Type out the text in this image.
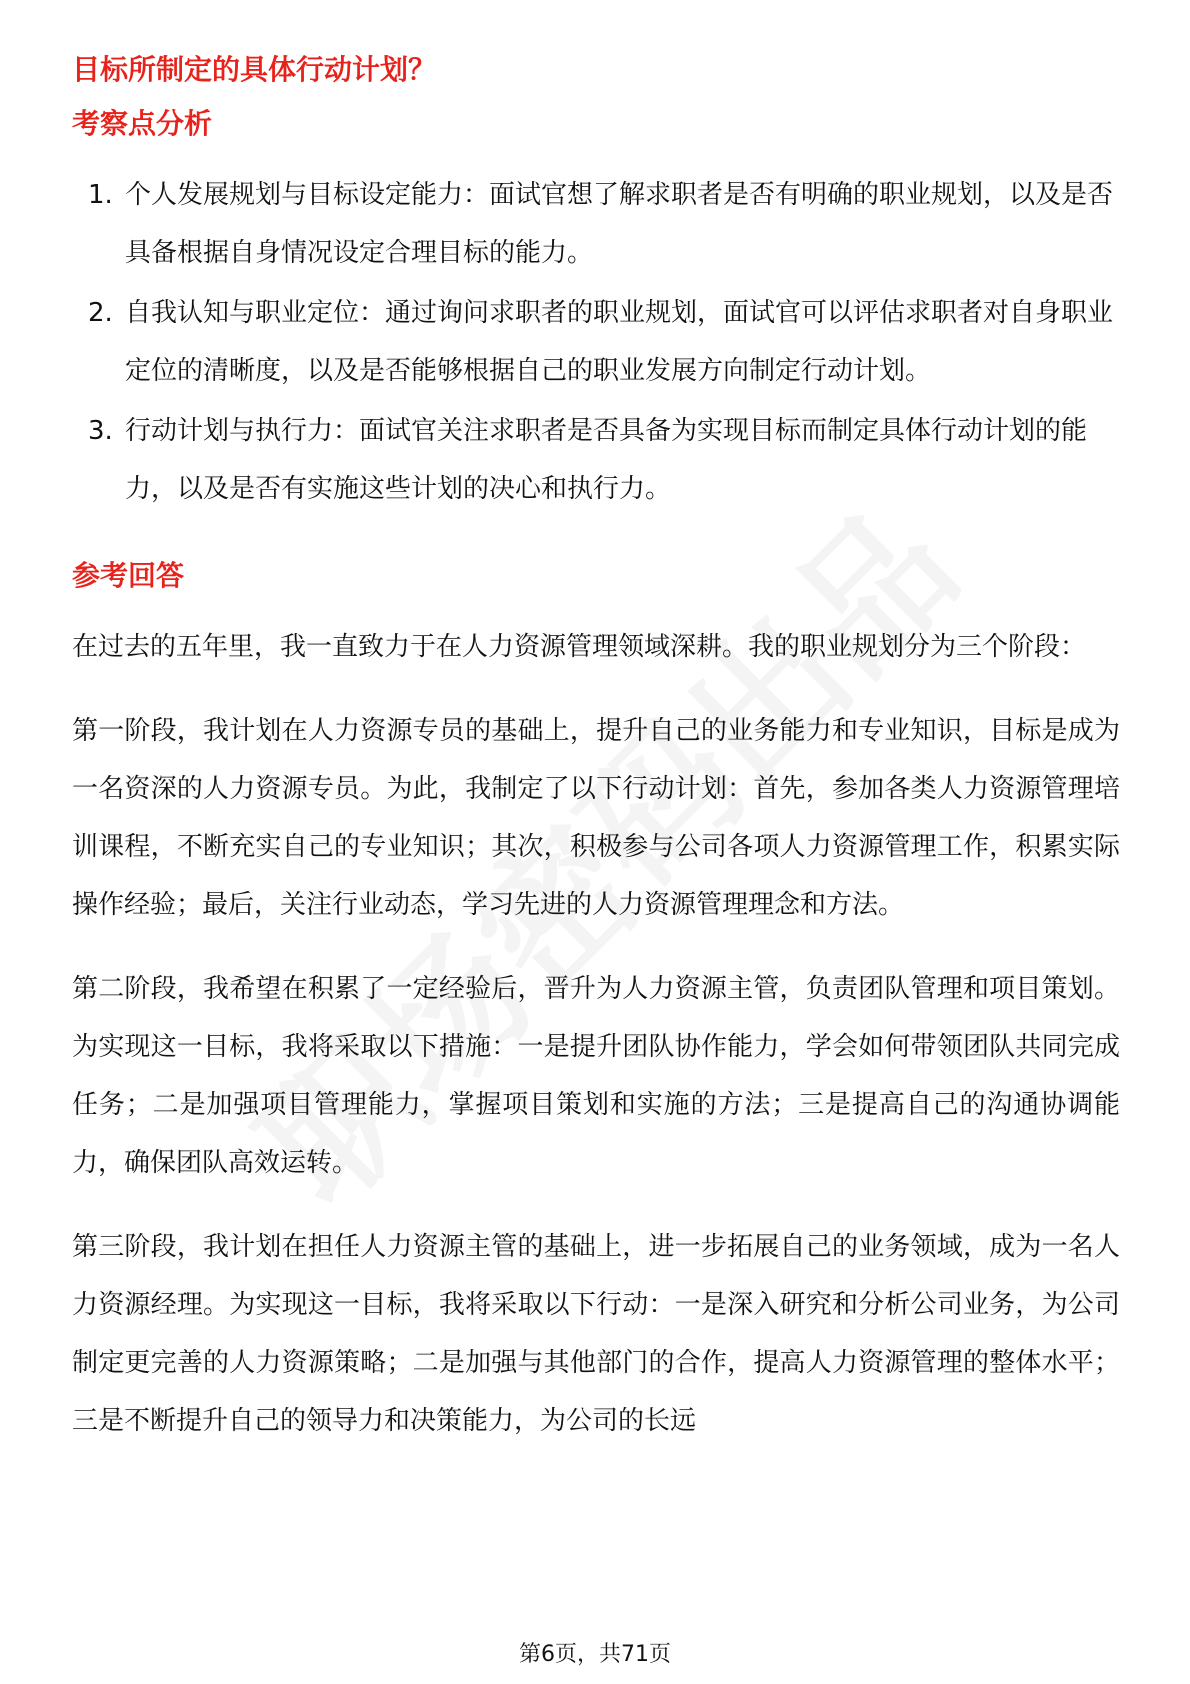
目标所制定的具体行动计划？
考察点分析
1. 个人发展规划与目标设定能力：面试官想了解求职者是否有明确的职业规划，以及是否具备根据自身情况设定合理目标的能力。
2. 自我认知与职业定位：通过询问求职者的职业规划，面试官可以评估求职者对自身职业定位的清晰度，以及是否能够根据自己的职业发展方向制定行动计划。
3. 行动计划与执行力：面试官关注求职者是否具备为实现目标而制定具体行动计划的能力，以及是否有实施这些计划的决心和执行力。
参考回答

在过去的五年里，我一直致力于在人力资源管理领域深耕。我的职业规划分为三个阶段：

第一阶段，我计划在人力资源专员的基础上，提升自己的业务能力和专业知识，目标是成为一名资深的人力资源专员。为此，我制定了以下行动计划：首先，参加各类人力资源管理培训课程，不断充实自己的专业知识；其次，积极参与公司各项人力资源管理工作，积累实际操作经验；最后，关注行业动态，学习先进的人力资源管理理念和方法。

第二阶段，我希望在积累了一定经验后，晋升为人力资源主管，负责团队管理和项目策划。为实现这一目标，我将采取以下措施：一是提升团队协作能力，学会如何带领团队共同完成任务；二是加强项目管理能力，掌握项目策划和实施的方法；三是提高自己的沟通协调能力，确保团队高效运转。

第三阶段，我计划在担任人力资源主管的基础上，进一步拓展自己的业务领域，成为一名人力资源经理。为实现这一目标，我将采取以下行动：一是深入研究和分析公司业务，为公司制定更完善的人力资源策略；二是加强与其他部门的合作，提高人力资源管理的整体水平；三是不断提升自己的领导力和决策能力，为公司的长远

第6页，共71页
